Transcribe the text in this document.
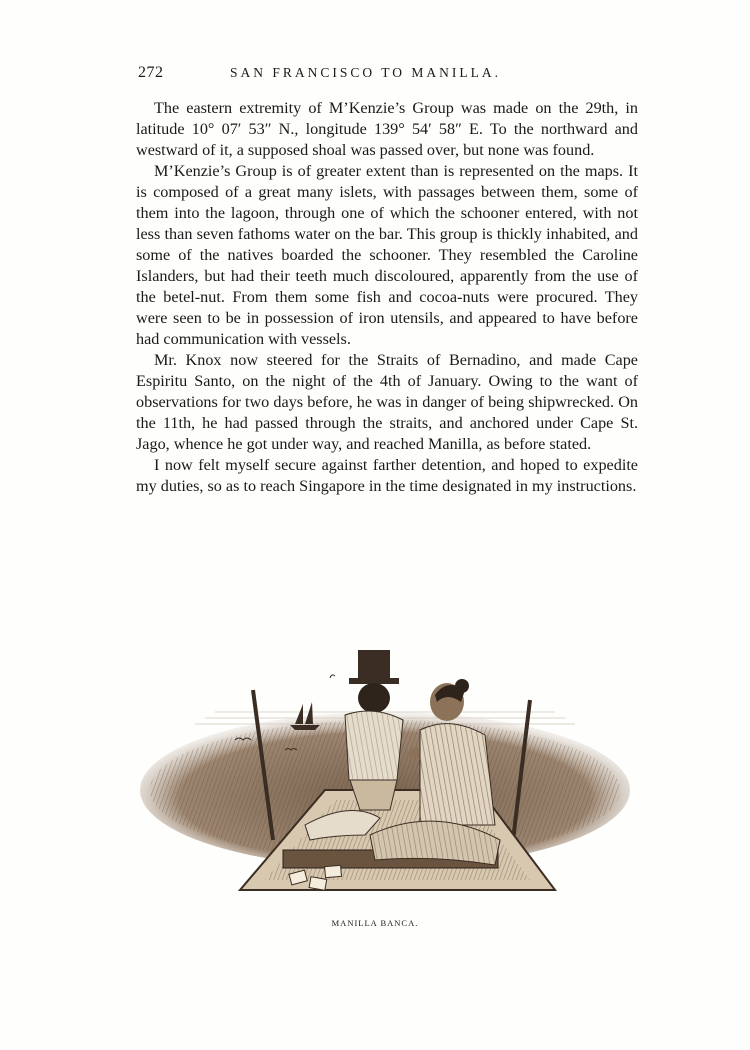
272	SAN FRANCISCO TO MANILLA.

The eastern extremity of M’Kenzie’s Group was made on the 29th, in latitude 10° 07′ 53″ N., longitude 139° 54′ 58″ E. To the northward and westward of it, a supposed shoal was passed over, but none was found.

M’Kenzie’s Group is of greater extent than is represented on the maps. It is composed of a great many islets, with passages between them, some of them into the lagoon, through one of which the schooner entered, with not less than seven fathoms water on the bar. This group is thickly inhabited, and some of the natives boarded the schooner. They resembled the Caroline Islanders, but had their teeth much discoloured, apparently from the use of the betel-nut. From them some fish and cocoa-nuts were procured. They were seen to be in possession of iron utensils, and appeared to have before had communication with vessels.

Mr. Knox now steered for the Straits of Bernadino, and made Cape Espiritu Santo, on the night of the 4th of January. Owing to the want of observations for two days before, he was in danger of being shipwrecked. On the 11th, he had passed through the straits, and anchored under Cape St. Jago, whence he got under way, and reached Manilla, as before stated.

I now felt myself secure against farther detention, and hoped to expedite my duties, so as to reach Singapore in the time designated in my instructions.

MANILLA BANCA.
